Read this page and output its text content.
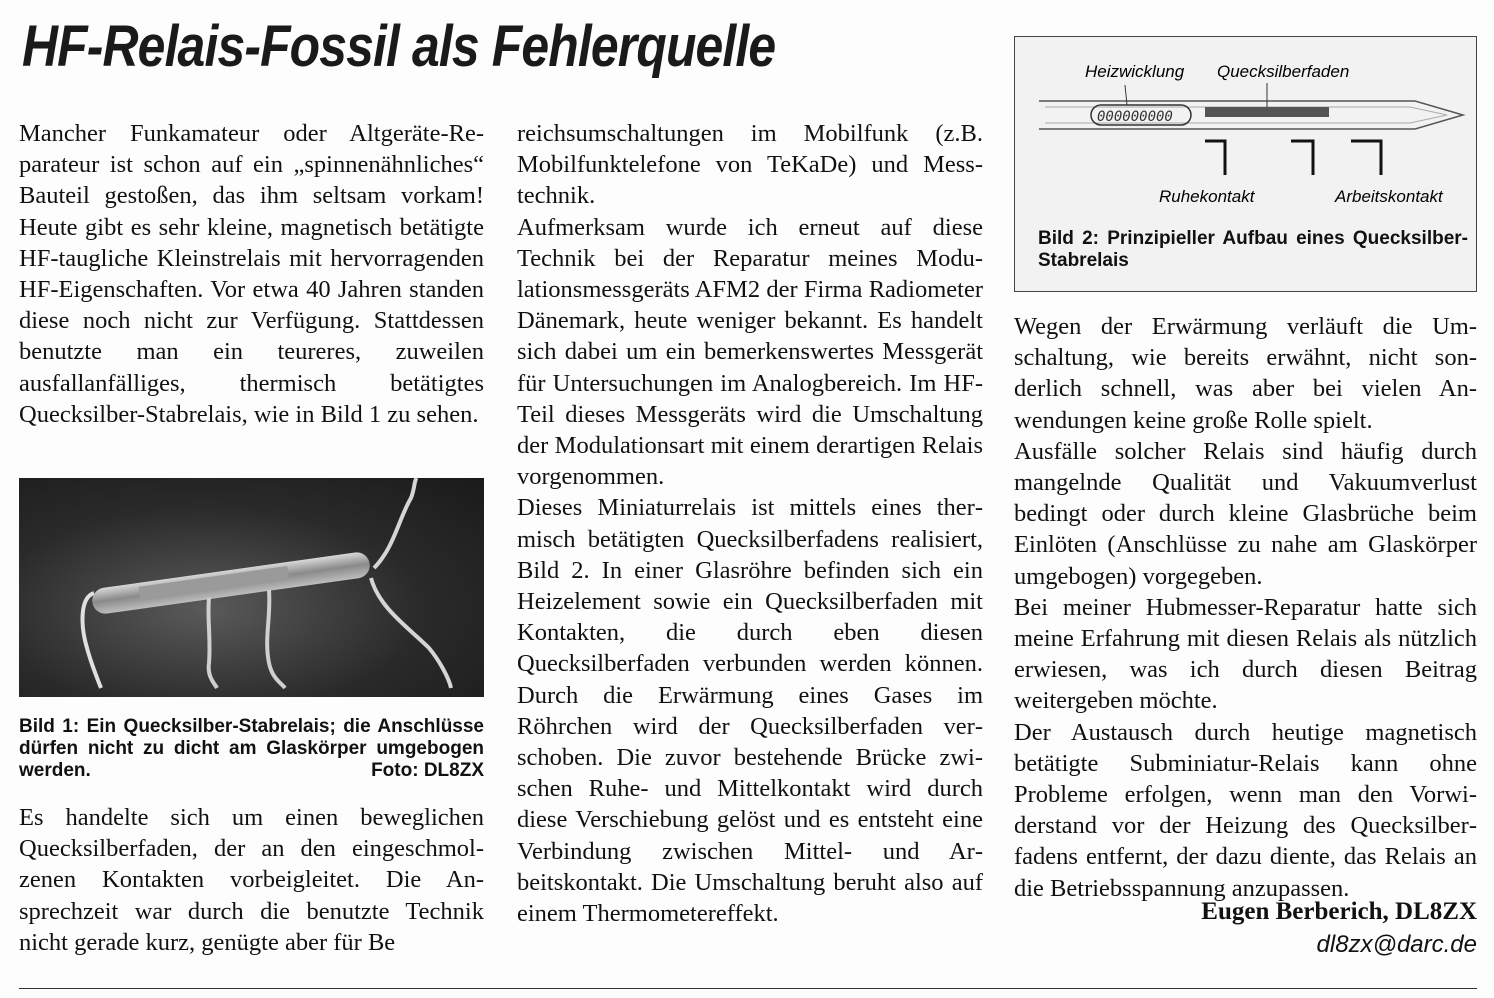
HF-Relais-Fossil als Fehlerquelle

Mancher Funkamateur oder Altgeräte-Reparateur ist schon auf ein „spinnenähnliches“ Bauteil gestoßen, das ihm seltsam vorkam! Heute gibt es sehr kleine, magnetisch betätigte HF-taugliche Kleinstrelais mit hervorragenden HF-Eigenschaften. Vor etwa 40 Jahren standen diese noch nicht zur Verfügung. Stattdessen benutzte man ein teureres, zuweilen ausfallanfälliges, thermisch betätigtes Quecksilber-Stabrelais, wie in Bild 1 zu sehen.

Bild 1: Ein Quecksilber-Stabrelais; die Anschlüsse dürfen nicht zu dicht am Glaskörper umgebogen werden.	Foto: DL8ZX

Es handelte sich um einen beweglichen Quecksilberfaden, der an den eingeschmolzenen Kontakten vorbeigleitet. Die Ansprechzeit war durch die benutzte Technik nicht gerade kurz, genügte aber für Be

reichsumschaltungen im Mobilfunk (z.B. Mobilfunktelefone von TeKaDe) und Messtechnik.

Aufmerksam wurde ich erneut auf diese Technik bei der Reparatur meines Modulationsmessgeräts AFM2 der Firma Radiometer Dänemark, heute weniger bekannt. Es handelt sich dabei um ein bemerkenswertes Messgerät für Untersuchungen im Analogbereich. Im HF-Teil dieses Messgeräts wird die Umschaltung der Modulationsart mit einem derartigen Relais vorgenommen.

Dieses Miniaturrelais ist mittels eines thermisch betätigten Quecksilberfadens realisiert, Bild 2. In einer Glasröhre befinden sich ein Heizelement sowie ein Quecksilberfaden mit Kontakten, die durch eben diesen Quecksilberfaden verbunden werden können. Durch die Erwärmung eines Gases im Röhrchen wird der Quecksilberfaden verschoben. Die zuvor bestehende Brücke zwischen Ruhe- und Mittelkontakt wird durch diese Verschiebung gelöst und es entsteht eine Verbindung zwischen Mittel- und Arbeitskontakt. Die Umschaltung beruht also auf einem Thermometereffekt.

Heizwicklung Quecksilberfaden
000000000
Ruhekontakt	Arbeitskontakt
Bild 2: Prinzipieller Aufbau eines Quecksilber-Stabrelais

Wegen der Erwärmung verläuft die Umschaltung, wie bereits erwähnt, nicht sonderlich schnell, was aber bei vielen Anwendungen keine große Rolle spielt.

Ausfälle solcher Relais sind häufig durch mangelnde Qualität und Vakuumverlust bedingt oder durch kleine Glasbrüche beim Einlöten (Anschlüsse zu nahe am Glaskörper umgebogen) vorgegeben.

Bei meiner Hubmesser-Reparatur hatte sich meine Erfahrung mit diesen Relais als nützlich erwiesen, was ich durch diesen Beitrag weitergeben möchte.

Der Austausch durch heutige magnetisch betätigte Subminiatur-Relais kann ohne Probleme erfolgen, wenn man den Vorwiderstand vor der Heizung des Quecksilberfadens entfernt, der dazu diente, das Relais an die Betriebsspannung anzupassen.

Eugen Berberich, DL8ZX
dl8zx@darc.de
